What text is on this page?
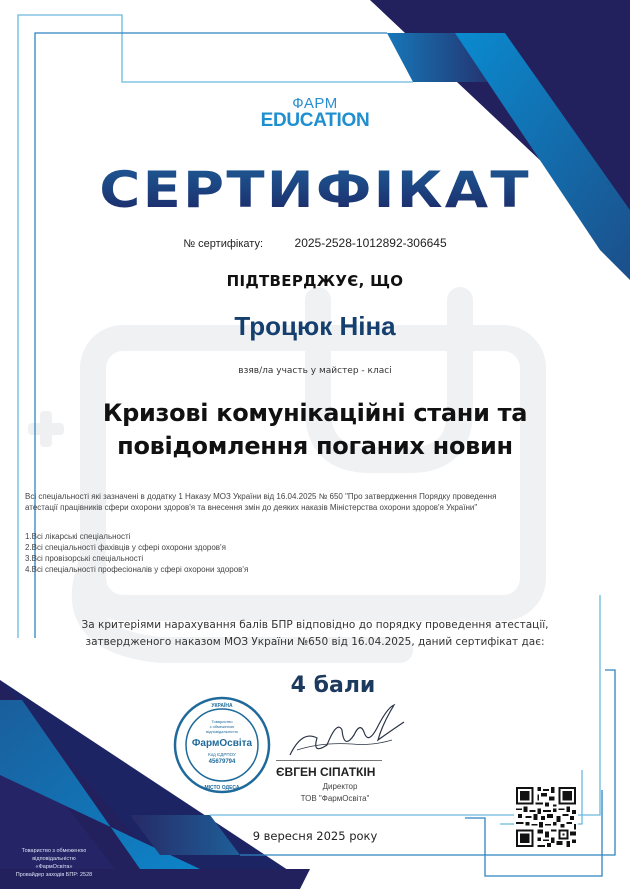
ФАРМ
EDUCATION
СЕРТИФІКАТ
№ сертифікату:	2025-2528-1012892-306645
ПІДТВЕРДЖУЄ, ЩО
Троцюк Ніна
взяв/ла участь у майстер - класі
Кризові комунікаційні стани та
повідомлення поганих новин
Всі спеціальності які зазначені в додатку 1 Наказу МОЗ України від 16.04.2025 № 650 "Про затвердження Порядку проведення
атестації працівників сфери охорони здоров'я та внесення змін до деяких наказів Міністерства охорони здоров'я України"
1.Всі лікарські спеціальності
2.Всі спеціальності фахівців у сфері охорони здоров'я
3.Всі провізорські спеціальності
4.Всі спеціальності професіоналів у сфері охорони здоров'я
За критеріями нарахування балів БПР відповідно до порядку проведення атестації,
затвердженого наказом МОЗ України №650 від 16.04.2025, даний сертифікат дає:
4 бали
УКРАЇНА
МІСТО ОДЕСА
Товариство
з обмеженою
відповідальністю
ФармОсвіта
Код ЄДРПОУ
45679794
ЄВГЕН СІПАТКІН
Директор
ТОВ "ФармОсвіта"
9 вересня 2025 року
Товариство з обмеженою
відповідальністю
«ФармОсвіта»
Провайдер заходів БПР: 2528
